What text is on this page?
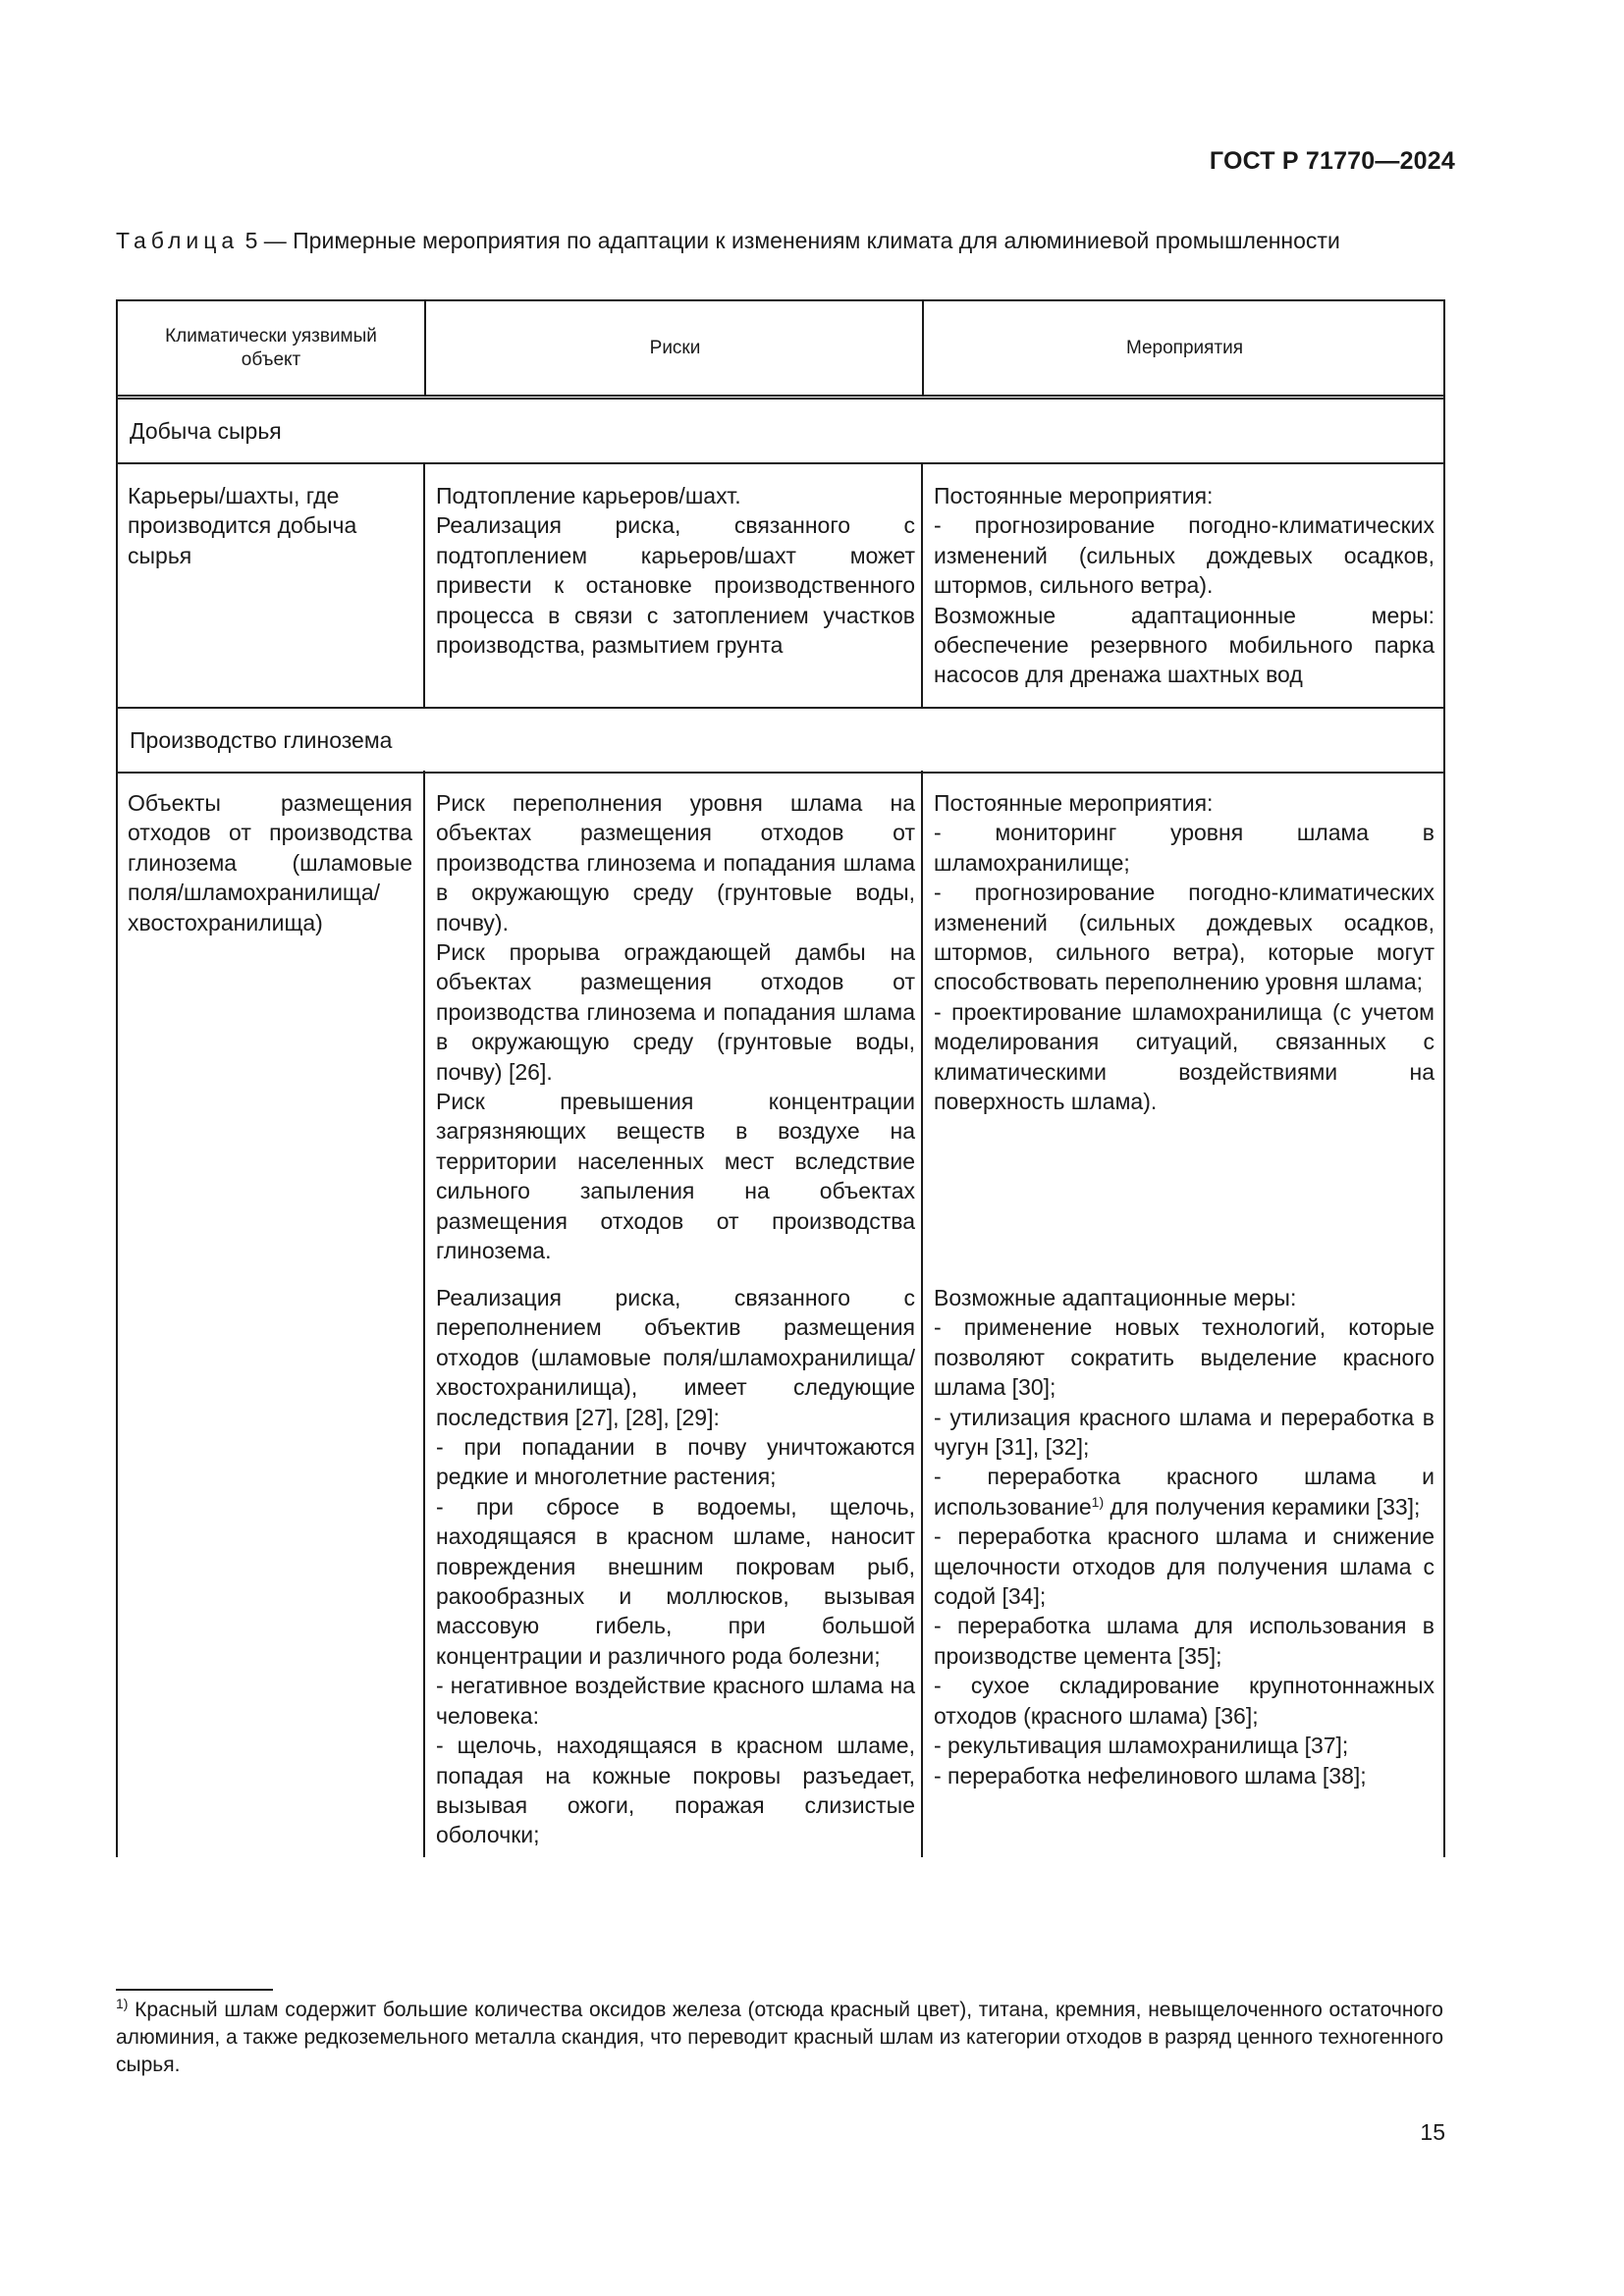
ГОСТ Р 71770—2024
Таблица 5 — Примерные мероприятия по адаптации к изменениям климата для алюминиевой промышленности
Климатически уязвимый объект
Риски	Мероприятия
Добыча сырья

Карьеры/шахты, где производится добыча сырья

Подтопление карьеров/шахт.

Реализация риска, связанного с подтоплением карьеров/шахт может привести к остановке производственного процесса в связи с затоплением участков производства, размытием грунта

Постоянные мероприятия:

- прогнозирование погодно-климатических изменений (сильных дождевых осадков, штормов, сильного ветра).

Возможные адаптационные меры: обеспечение резервного мобильного парка насосов для дренажа шахтных вод

Производство глинозема

Объекты размещения отходов от производства глинозема (шламовые поля/шламохранилища/хвостохранилища)

Риск переполнения уровня шлама на объектах размещения отходов от производства глинозема и попадания шлама в окружающую среду (грунтовые воды, почву).

Риск прорыва ограждающей дамбы на объектах размещения отходов от производства глинозема и попадания шлама в окружающую среду (грунтовые воды, почву) [26].

Риск превышения концентрации загрязняющих веществ в воздухе на территории населенных мест вследствие сильного запыления на объектах размещения отходов от производства глинозема.

Постоянные мероприятия:

- мониторинг уровня шлама в шламохранилище;

- прогнозирование погодно-климатических изменений (сильных дождевых осадков, штормов, сильного ветра), которые могут способствовать переполнению уровня шлама;

- проектирование шламохранилища (с учетом моделирования ситуаций, связанных с климатическими воздействиями на поверхность шлама).

Реализация риска, связанного с переполнением объектив размещения отходов (шламовые поля/шламохранилища/хвостохранилища), имеет следующие последствия [27], [28], [29]:

- при попадании в почву уничтожаются редкие и многолетние растения;

- при сбросе в водоемы, щелочь, находящаяся в красном шламе, наносит повреждения внешним покровам рыб, ракообразных и моллюсков, вызывая массовую гибель, при большой концентрации и различного рода болезни;

- негативное воздействие красного шлама на человека:

- щелочь, находящаяся в красном шламе, попадая на кожные покровы разъедает, вызывая ожоги, поражая слизистые оболочки;

Возможные адаптационные меры:

- применение новых технологий, которые позволяют сократить выделение красного шлама [30];

- утилизация красного шлама и переработка в чугун [31], [32];

- переработка красного шлама и использование$^{1)}$ для получения керамики [33];

- переработка красного шлама и снижение щелочности отходов для получения шлама с содой [34];

- переработка шлама для использования в производстве цемента [35];

- сухое складирование крупнотоннажных отходов (красного шлама) [36];

- рекультивация шламохранилища [37];

- переработка нефелинового шлама [38];

$^{1)}$ Красный шлам содержит большие количества оксидов железа (отсюда красный цвет), титана, кремния, невыщелоченного остаточного алюминия, а также редкоземельного металла скандия, что переводит красный шлам из категории отходов в разряд ценного техногенного сырья.
15
